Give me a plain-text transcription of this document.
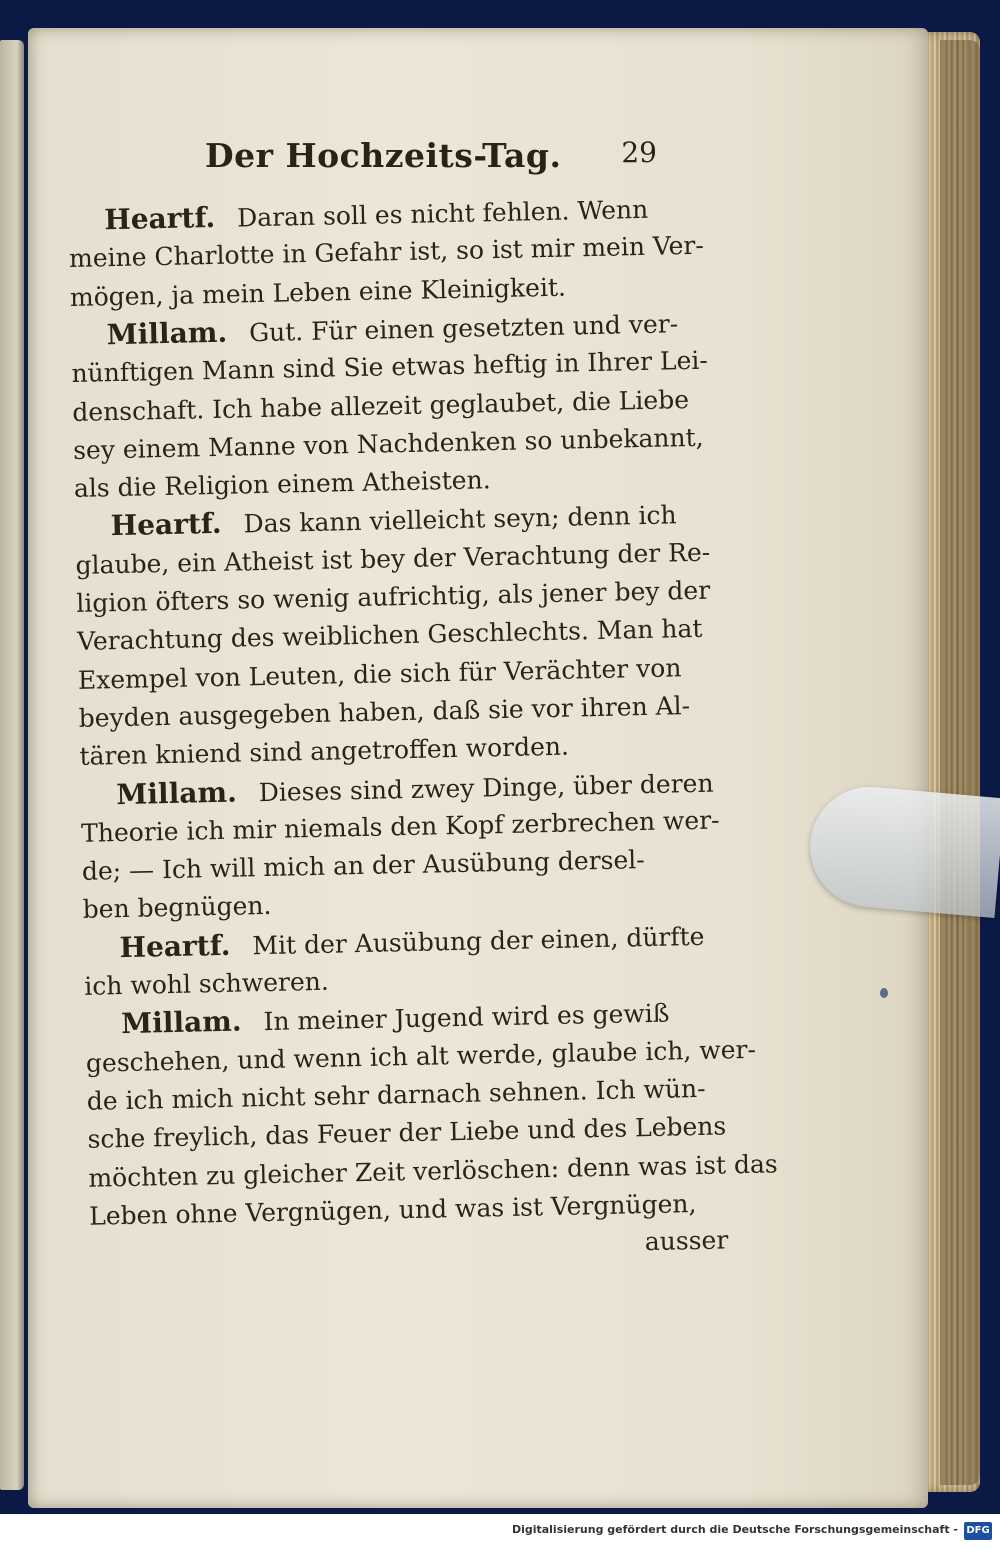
Der Hochzeits-Tag. 29
Heartf. Daran soll es nicht fehlen. Wenn
meine Charlotte in Gefahr ist, so ist mir mein Ver-
mögen, ja mein Leben eine Kleinigkeit.
Millam. Gut. Für einen gesetzten und ver-
nünftigen Mann sind Sie etwas heftig in Ihrer Lei-
denschaft. Ich habe allezeit geglaubet, die Liebe
sey einem Manne von Nachdenken so unbekannt,
als die Religion einem Atheisten.
Heartf. Das kann vielleicht seyn; denn ich
glaube, ein Atheist ist bey der Verachtung der Re-
ligion öfters so wenig aufrichtig, als jener bey der
Verachtung des weiblichen Geschlechts. Man hat
Exempel von Leuten, die sich für Verächter von
beyden ausgegeben haben, daß sie vor ihren Al-
tären kniend sind angetroffen worden.
Millam. Dieses sind zwey Dinge, über deren
Theorie ich mir niemals den Kopf zerbrechen wer-
de; — Ich will mich an der Ausübung dersel-
ben begnügen.
Heartf. Mit der Ausübung der einen, dürfte
ich wohl schweren.
Millam. In meiner Jugend wird es gewiß
geschehen, und wenn ich alt werde, glaube ich, wer-
de ich mich nicht sehr darnach sehnen. Ich wün-
sche freylich, das Feuer der Liebe und des Lebens
möchten zu gleicher Zeit verlöschen: denn was ist das
Leben ohne Vergnügen, und was ist Vergnügen,
ausser
Digitalisierung gefördert durch die Deutsche Forschungsgemeinschaft - DFG
